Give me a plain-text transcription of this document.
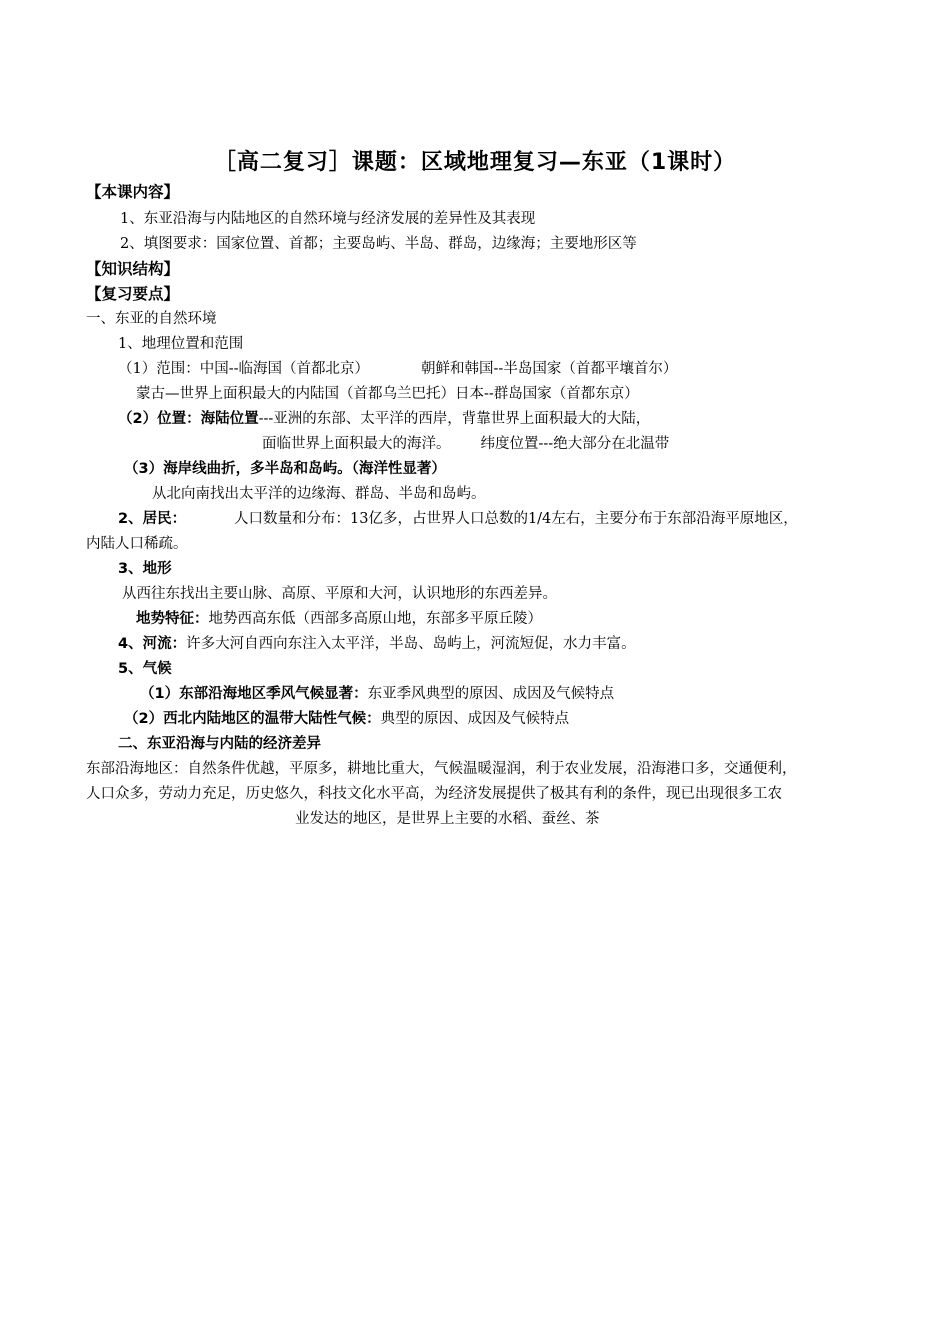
［高二复习］课题：区域地理复习—东亚（1课时）
【本课内容】
1、东亚沿海与内陆地区的自然环境与经济发展的差异性及其表现
2、填图要求：国家位置、首都；主要岛屿、半岛、群岛，边缘海；主要地形区等
【知识结构】
【复习要点】
一、东亚的自然环境
1、地理位置和范围
（1）范围：中国--临海国（首都北京）	朝鲜和韩国--半岛国家（首都平壤首尔）
蒙古—世界上面积最大的内陆国（首都乌兰巴托）日本--群岛国家（首都东京）
（2）位置：海陆位置---亚洲的东部、太平洋的西岸，背靠世界上面积最大的大陆，
面临世界上面积最大的海洋。 纬度位置---绝大部分在北温带
（3）海岸线曲折，多半岛和岛屿。（海洋性显著）
从北向南找出太平洋的边缘海、群岛、半岛和岛屿。
2、居民：	人口数量和分布：13亿多，占世界人口总数的1/4左右，主要分布于东部沿海平原地区，
内陆人口稀疏。
3、地形
从西往东找出主要山脉、高原、平原和大河，认识地形的东西差异。
地势特征：地势西高东低（西部多高原山地，东部多平原丘陵）
4、河流：许多大河自西向东注入太平洋，半岛、岛屿上，河流短促，水力丰富。
5、气候
（1）东部沿海地区季风气候显著：东亚季风典型的原因、成因及气候特点
（2）西北内陆地区的温带大陆性气候：典型的原因、成因及气候特点
二、东亚沿海与内陆的经济差异
东部沿海地区：自然条件优越，平原多，耕地比重大，气候温暖湿润，利于农业发展，沿海港口多，交通便利，
人口众多，劳动力充足，历史悠久，科技文化水平高，为经济发展提供了极其有利的条件，现已出现很多工农
业发达的地区，是世界上主要的水稻、蚕丝、茶
